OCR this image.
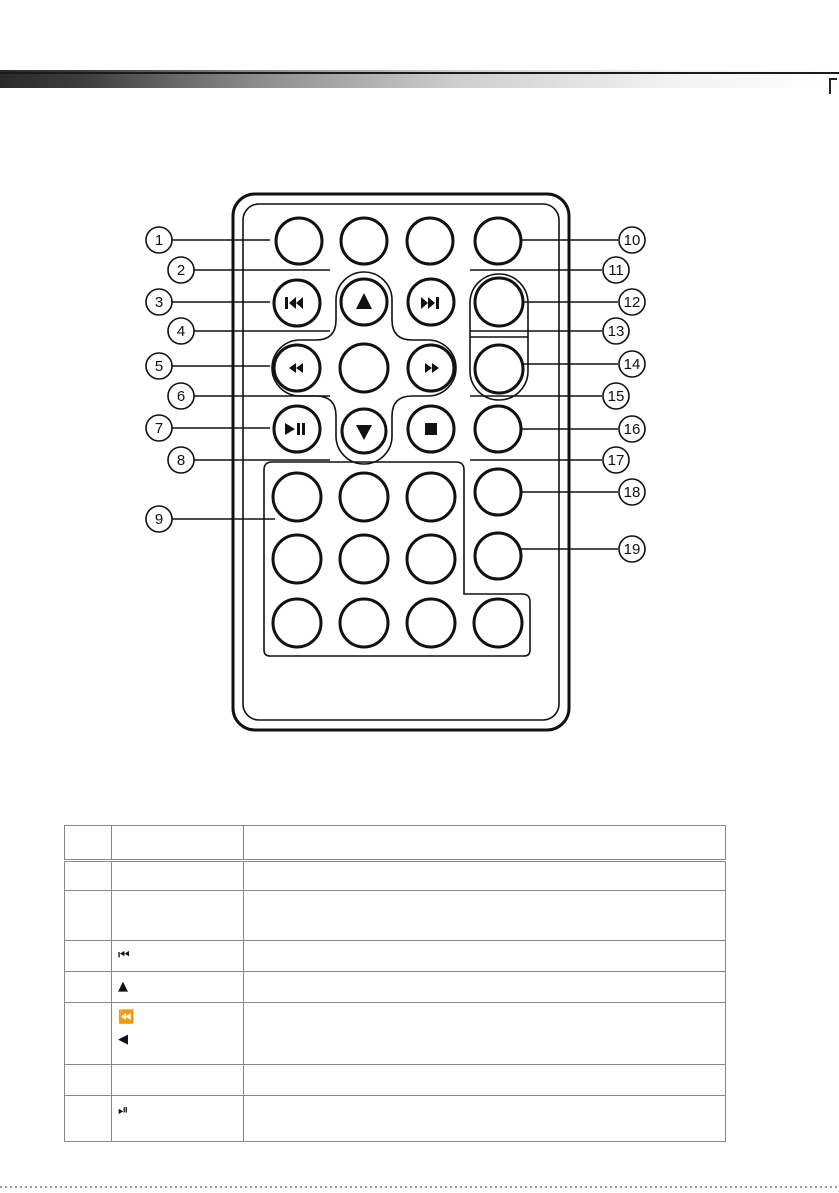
1
2
3
4
5
6
7
8
9
10
11
12
13
14
15
16
17
18
19

	⏮	

	▲	

	⏪
◀	

	⏯	
